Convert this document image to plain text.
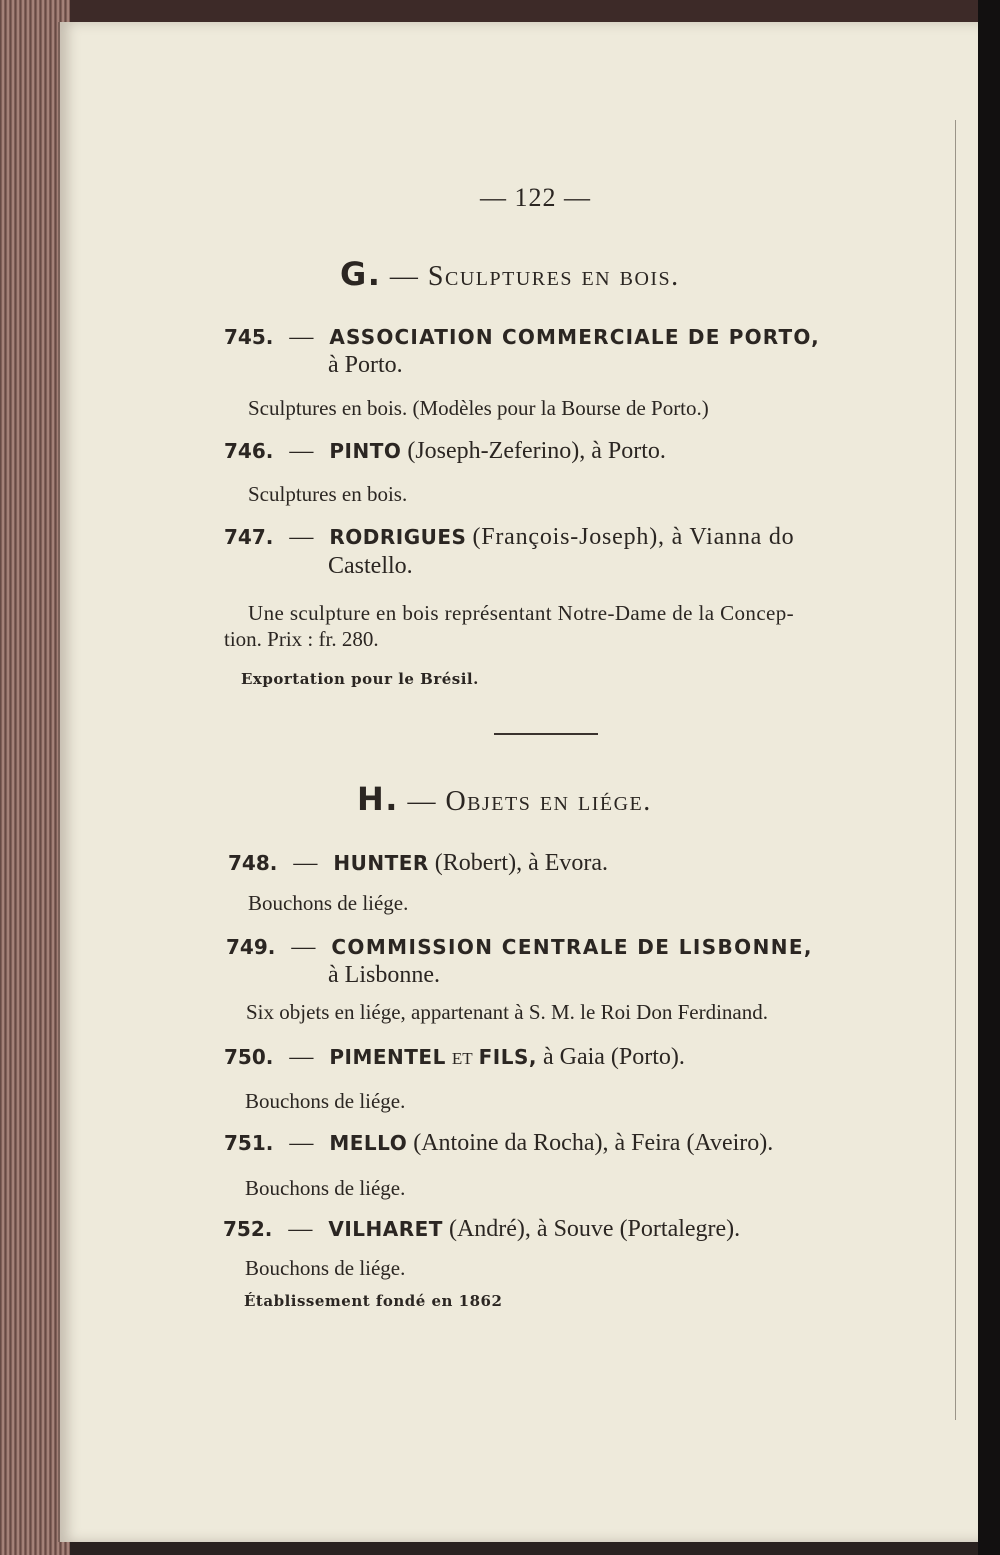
— 122 —
G. — Sculptures en bois.
745. — ASSOCIATION COMMERCIALE DE PORTO,
à Porto.
Sculptures en bois. (Modèles pour la Bourse de Porto.)
746. — PINTO (Joseph-Zeferino), à Porto.
Sculptures en bois.
747. — RODRIGUES (François-Joseph), à Vianna do
Castello.
Une sculpture en bois représentant Notre-Dame de la Concep-
tion. Prix : fr. 280.
Exportation pour le Brésil.
H. — Objets en liége.
748. — HUNTER (Robert), à Evora.
Bouchons de liége.
749. — COMMISSION CENTRALE DE LISBONNE,
à Lisbonne.
Six objets en liége, appartenant à S. M. le Roi Don Ferdinand.
750. — PIMENTEL et FILS, à Gaia (Porto).
Bouchons de liége.
751. — MELLO (Antoine da Rocha), à Feira (Aveiro).
Bouchons de liége.
752. — VILHARET (André), à Souve (Portalegre).
Bouchons de liége.
Établissement fondé en 1862
